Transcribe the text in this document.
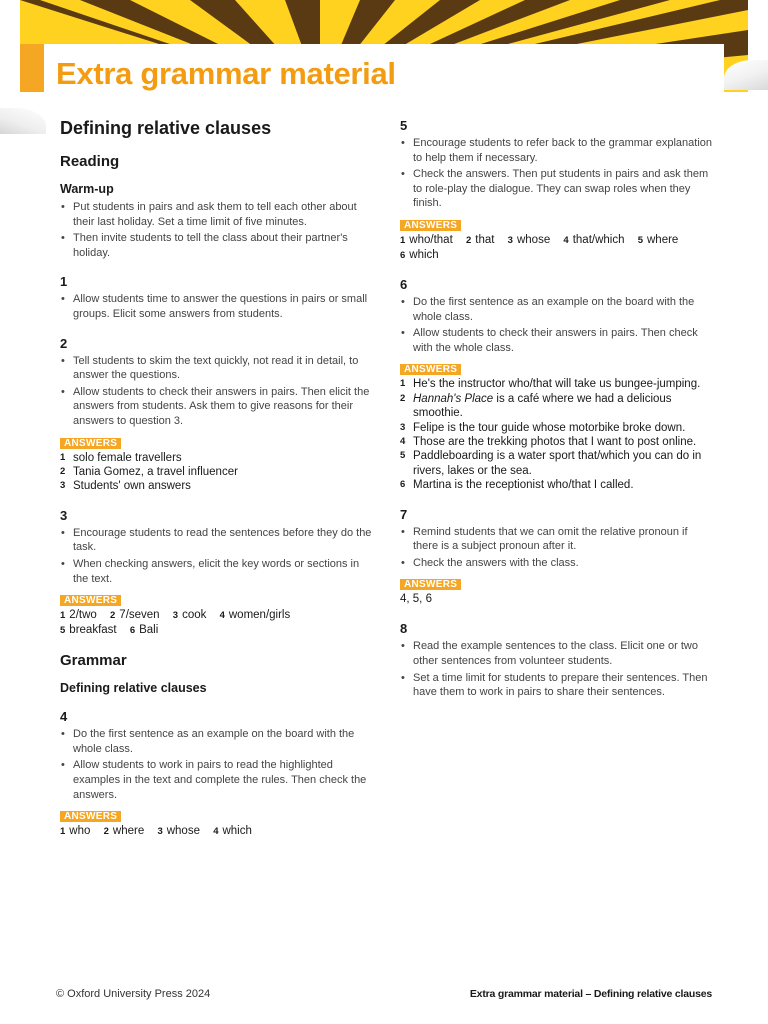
Extra grammar material
Defining relative clauses
Reading
Warm-up
• Put students in pairs and ask them to tell each other about their last holiday. Set a time limit of five minutes.
• Then invite students to tell the class about their partner's holiday.
1
• Allow students time to answer the questions in pairs or small groups. Elicit some answers from students.
2
• Tell students to skim the text quickly, not read it in detail, to answer the questions.
• Allow students to check their answers in pairs. Then elicit the answers from students. Ask them to give reasons for their answers to question 3.
ANSWERS
1 solo female travellers
2 Tania Gomez, a travel influencer
3 Students' own answers
3
• Encourage students to read the sentences before they do the task.
• When checking answers, elicit the key words or sections in the text.
ANSWERS
1 2/two 2 7/seven 3 cook 4 women/girls
5 breakfast 6 Bali
Grammar
Defining relative clauses
4
• Do the first sentence as an example on the board with the whole class.
• Allow students to work in pairs to read the highlighted examples in the text and complete the rules. Then check the answers.
ANSWERS
1 who 2 where 3 whose 4 which
5
• Encourage students to refer back to the grammar explanation to help them if necessary.
• Check the answers. Then put students in pairs and ask them to role-play the dialogue. They can swap roles when they finish.
ANSWERS
1 who/that 2 that 3 whose 4 that/which 5 where
6 which
6
• Do the first sentence as an example on the board with the whole class.
• Allow students to check their answers in pairs. Then check with the whole class.
ANSWERS
1 He's the instructor who/that will take us bungee-jumping.
2 Hannah's Place is a café where we had a delicious smoothie.
3 Felipe is the tour guide whose motorbike broke down.
4 Those are the trekking photos that I want to post online.
5 Paddleboarding is a water sport that/which you can do in rivers, lakes or the sea.
6 Martina is the receptionist who/that I called.
7
• Remind students that we can omit the relative pronoun if there is a subject pronoun after it.
• Check the answers with the class.
ANSWERS
4, 5, 6
8
• Read the example sentences to the class. Elicit one or two other sentences from volunteer students.
• Set a time limit for students to prepare their sentences. Then have them to work in pairs to share their sentences.
© Oxford University Press 2024	Extra grammar material – Defining relative clauses
